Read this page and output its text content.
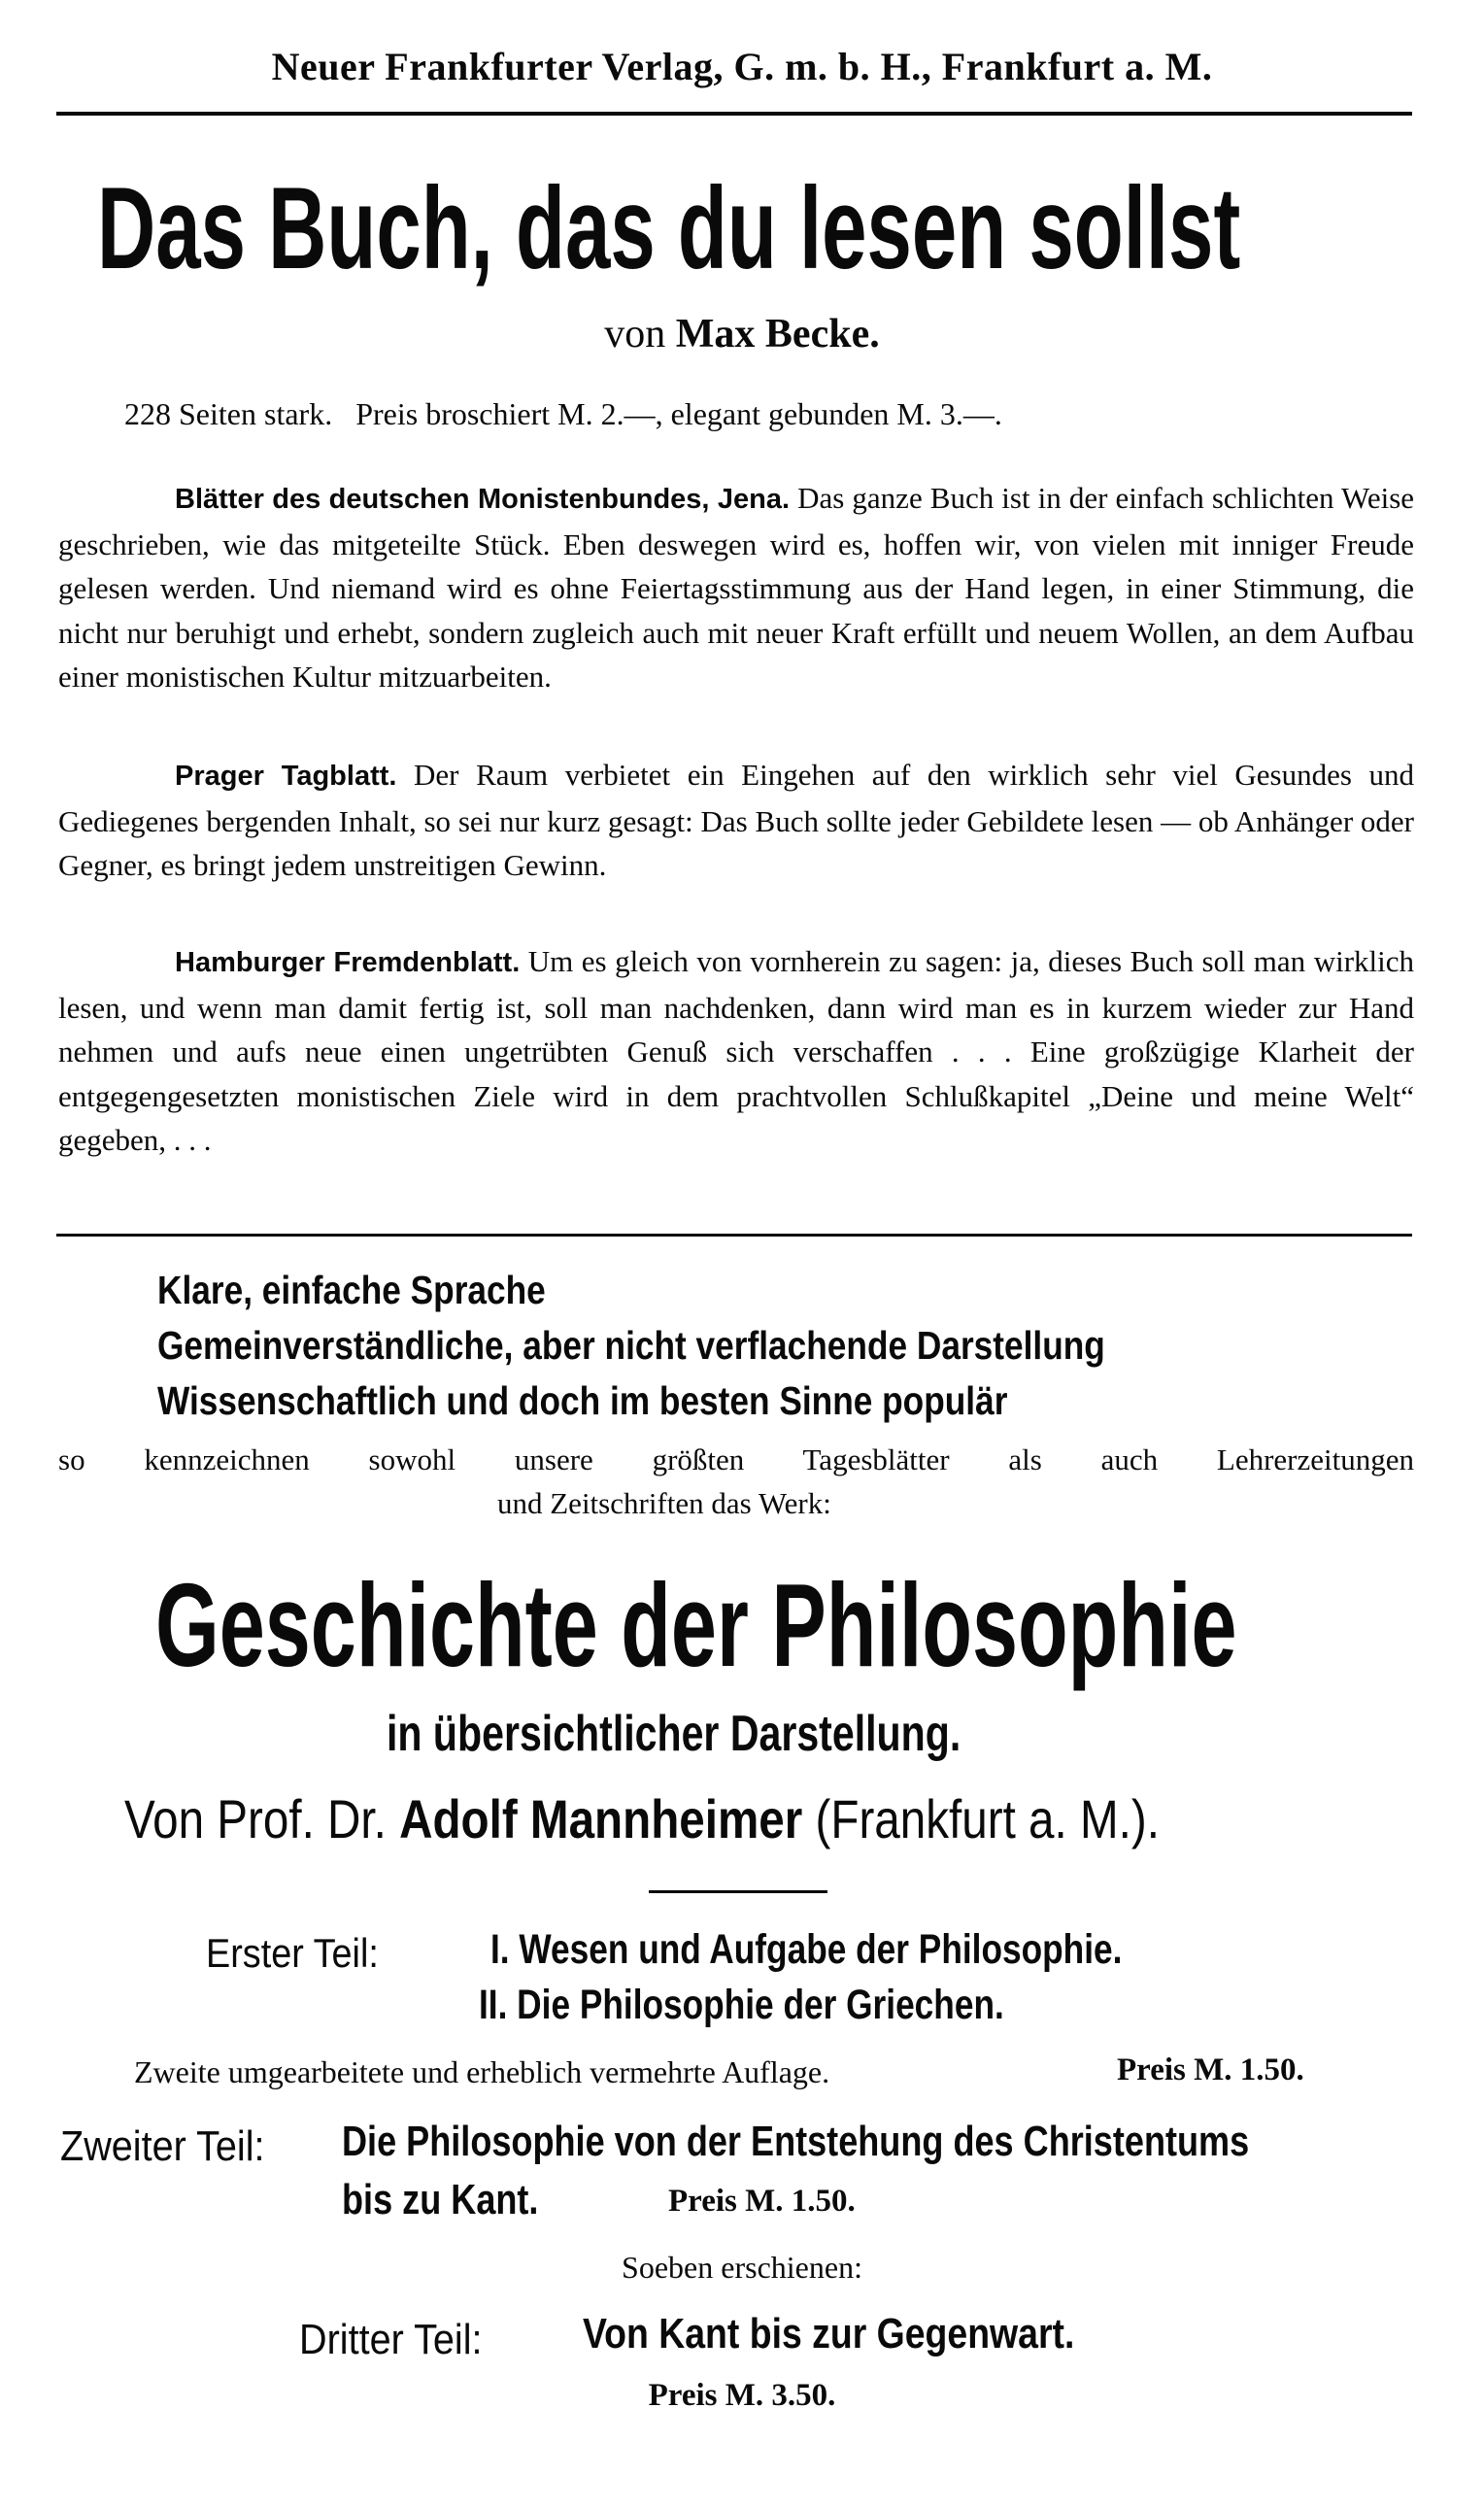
Neuer Frankfurter Verlag, G. m. b. H., Frankfurt a. M.
Das Buch, das du lesen sollst
von Max Becke.
228 Seiten stark.   Preis broschiert M. 2.—, elegant gebunden M. 3.—.
Blätter des deutschen Monistenbundes, Jena. Das ganze Buch ist in der einfach schlichten Weise geschrieben, wie das mitgeteilte Stück. Eben deswegen wird es, hoffen wir, von vielen mit inniger Freude gelesen werden. Und niemand wird es ohne Feiertagsstimmung aus der Hand legen, in einer Stimmung, die nicht nur beruhigt und erhebt, sondern zugleich auch mit neuer Kraft erfüllt und neuem Wollen, an dem Aufbau einer monistischen Kultur mitzuarbeiten.
Prager Tagblatt. Der Raum verbietet ein Eingehen auf den wirklich sehr viel Gesundes und Gediegenes bergenden Inhalt, so sei nur kurz gesagt: Das Buch sollte jeder Gebildete lesen — ob Anhänger oder Gegner, es bringt jedem unstreitigen Gewinn.
Hamburger Fremdenblatt. Um es gleich von vornherein zu sagen: ja, dieses Buch soll man wirklich lesen, und wenn man damit fertig ist, soll man nachdenken, dann wird man es in kurzem wieder zur Hand nehmen und aufs neue einen ungetrübten Genuß sich verschaffen . . . Eine großzügige Klarheit der entgegengesetzten monistischen Ziele wird in dem prachtvollen Schlußkapitel „Deine und meine Welt“ gegeben, . . .
Klare, einfache Sprache
Gemeinverständliche, aber nicht verflachende Darstellung
Wissenschaftlich und doch im besten Sinne populär
so kennzeichnen sowohl unsere größten Tagesblätter als auch Lehrerzeitungen
und Zeitschriften das Werk:
Geschichte der Philosophie
in übersichtlicher Darstellung.
Von Prof. Dr. Adolf Mannheimer (Frankfurt a. M.).
Erster Teil:	I. Wesen und Aufgabe der Philosophie.
II. Die Philosophie der Griechen.
Zweite umgearbeitete und erheblich vermehrte Auflage.	Preis M. 1.50.
Zweiter Teil: Die Philosophie von der Entstehung des Christentums
bis zu Kant.	Preis M. 1.50.
Soeben erschienen:
Dritter Teil: Von Kant bis zur Gegenwart.
Preis M. 3.50.
